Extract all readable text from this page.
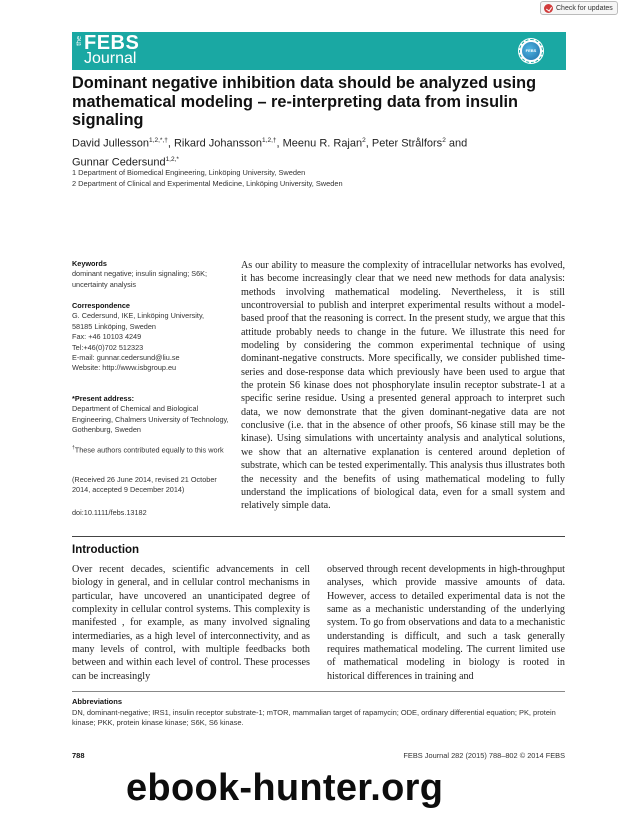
Check for updates
the FEBS
Journal	FEBS
Dominant negative inhibition data should be analyzed using mathematical modeling – re-interpreting data from insulin signaling
David Jullesson$^{1,2,*,\dagger}$, Rikard Johansson$^{1,2,\dagger}$, Meenu R. Rajan$^2$, Peter Strålfors$^2$ and
Gunnar Cedersund$^{1,2,*}$
1 Department of Biomedical Engineering, Linköping University, Sweden
2 Department of Clinical and Experimental Medicine, Linköping University, Sweden
Keywords
dominant negative; insulin signaling; S6K; uncertainty analysis
Correspondence
G. Cedersund, IKE, Linköping University,
58185 Linköping, Sweden
Fax: +46 10103 4249
Tel:+46(0)702 512323
E-mail: gunnar.cedersund@liu.se
Website: http://www.isbgroup.eu
*Present address:
Department of Chemical and Biological Engineering, Chalmers University of Technology, Gothenburg, Sweden
†These authors contributed equally to this work
(Received 26 June 2014, revised 21 October 2014, accepted 9 December 2014)
doi:10.1111/febs.13182

As our ability to measure the complexity of intracellular networks has evolved, it has become increasingly clear that we need new methods for data analysis: methods involving mathematical modeling. Nevertheless, it is still uncontroversial to publish and interpret experimental results without a model-based proof that the reasoning is correct. In the present study, we argue that this attitude probably needs to change in the future. We illustrate this need for modeling by considering the common experimental technique of using dominant-negative constructs. More specifically, we consider published time-series and dose-response data which previously have been used to argue that the protein S6 kinase does not phosphorylate insulin receptor substrate-1 at a specific serine residue. Using a presented general approach to interpret such data, we now demonstrate that the given dominant-negative data are not conclusive (i.e. that in the absence of other proofs, S6 kinase still may be the kinase). Using simulations with uncertainty analysis and analytical solutions, we show that an alternative explanation is centered around depletion of substrate, which can be tested experimentally. This analysis thus illustrates both the necessity and the benefits of using mathematical modeling to fully understand the implications of biological data, even for a small system and relatively simple data.

Introduction

Over recent decades, scientific advancements in cell biology in general, and in cellular control mechanisms in particular, have uncovered an unanticipated degree of complexity in cellular control systems. This complexity is manifested , for example, as many involved signaling intermediaries, as a high level of interconnectivity, and as many levels of control, with multiple feedbacks both between and within each level of control. These processes can be increasingly

observed through recent developments in high-throughput analyses, which provide massive amounts of data. However, access to detailed experimental data is not the same as a mechanistic understanding of the underlying system. To go from observations and data to a mechanistic understanding is difficult, and such a task generally requires mathematical modeling. The current limited use of mathematical modeling in biology is rooted in historical differences in training and

Abbreviations

DN, dominant-negative; IRS1, insulin receptor substrate-1; mTOR, mammalian target of rapamycin; ODE, ordinary differential equation; PK, protein kinase; PKK, protein kinase kinase; S6K, S6 kinase.

788	FEBS Journal 282 (2015) 788–802 © 2014 FEBS
ebook-hunter.org
